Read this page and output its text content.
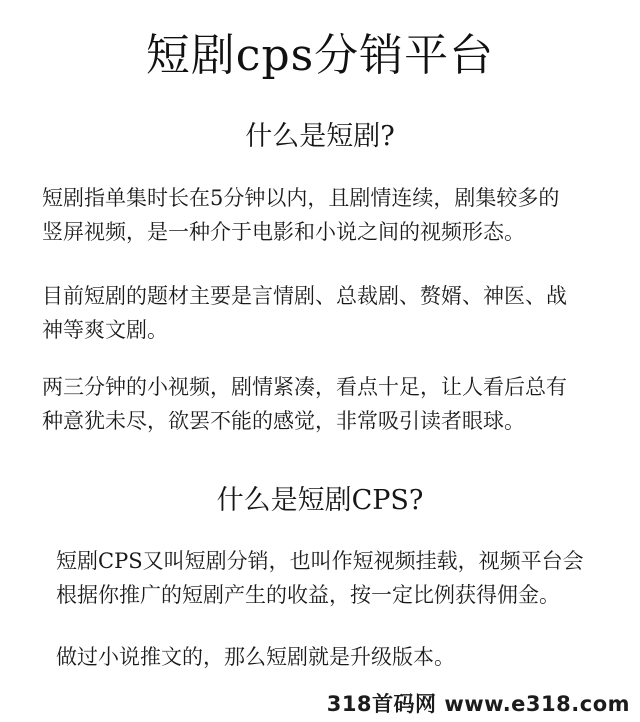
短剧cps分销平台
什么是短剧?
短剧指单集时长在5分钟以内，且剧情连续，剧集较多的
竖屏视频，是一种介于电影和小说之间的视频形态。
目前短剧的题材主要是言情剧、总裁剧、赘婿、神医、战
神等爽文剧。
两三分钟的小视频，剧情紧凑，看点十足，让人看后总有
种意犹未尽，欲罢不能的感觉，非常吸引读者眼球。
什么是短剧CPS?
短剧CPS又叫短剧分销，也叫作短视频挂载，视频平台会
根据你推广的短剧产生的收益，按一定比例获得佣金。
做过小说推文的，那么短剧就是升级版本。
318首码网 www.e318.com
